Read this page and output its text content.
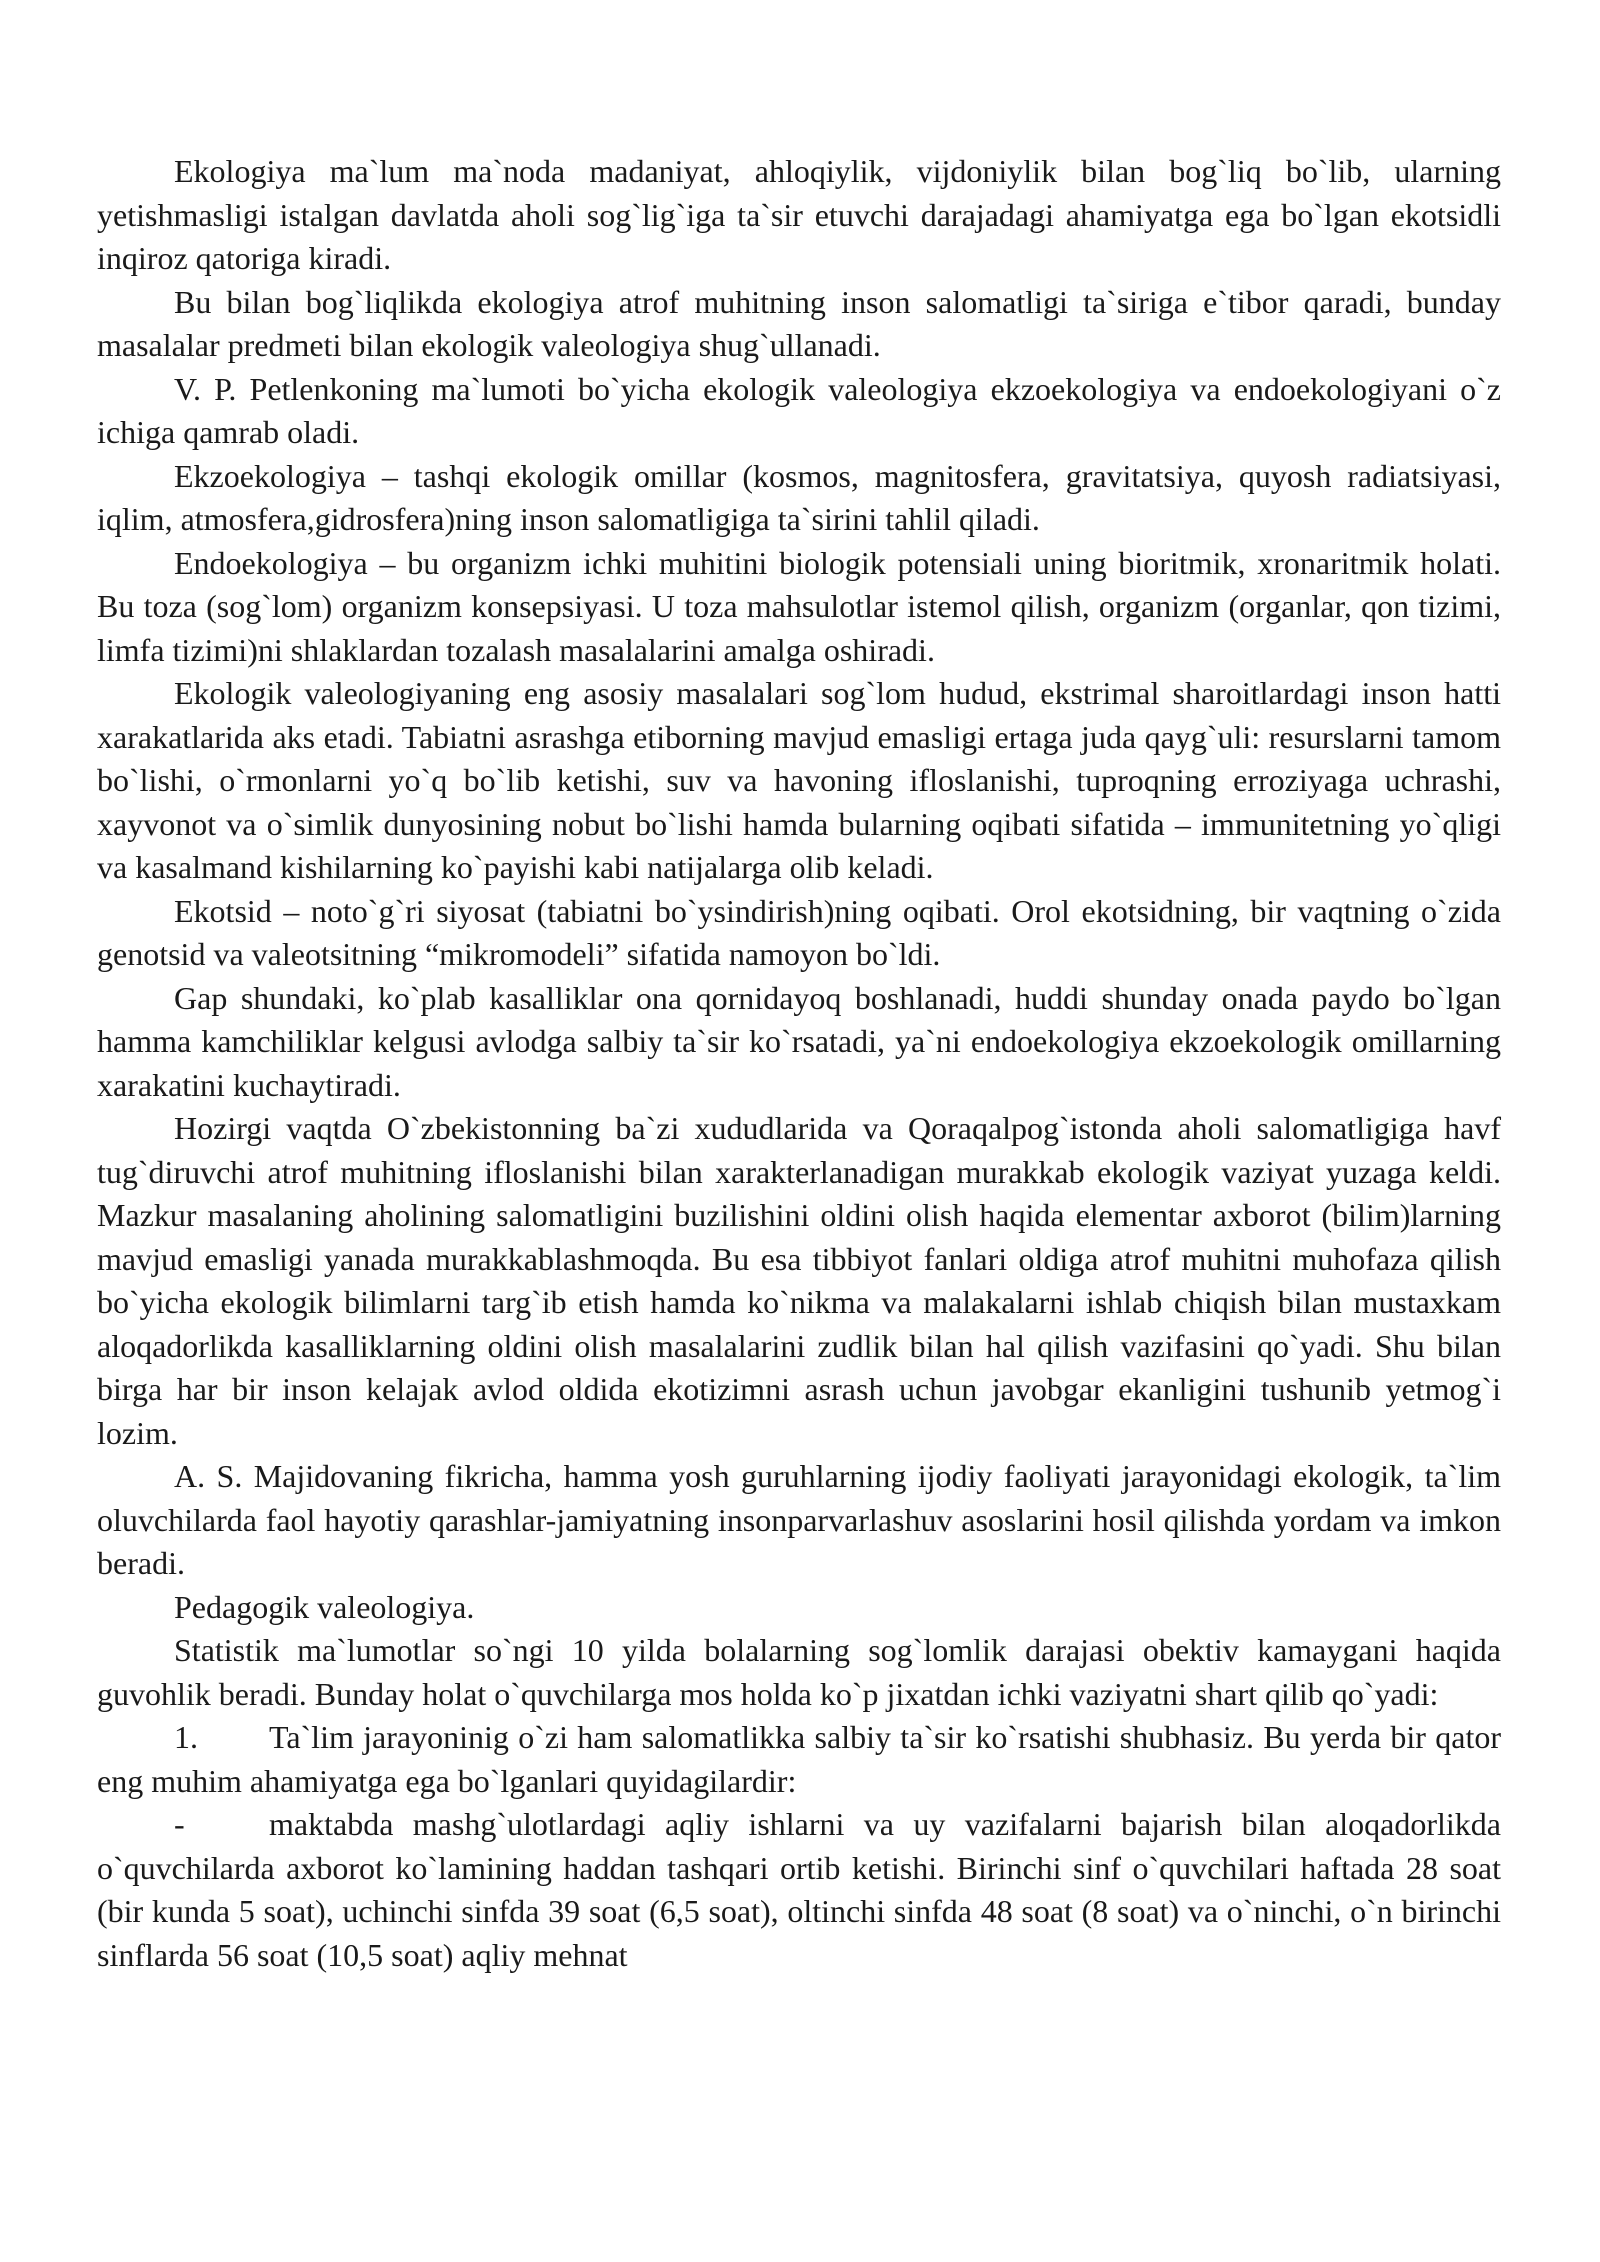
Ekologiya ma`lum ma`noda madaniyat, ahloqiylik, vijdoniylik bilan bog`liq bo`lib, ularning yetishmasligi istalgan davlatda aholi sog`lig`iga ta`sir etuvchi darajadagi ahamiyatga ega bo`lgan ekotsidli inqiroz qatoriga kiradi.

Bu bilan bog`liqlikda ekologiya atrof muhitning inson salomatligi ta`siriga e`tibor qaradi, bunday masalalar predmeti bilan ekologik valeologiya shug`ullanadi.

V. P. Petlenkoning ma`lumoti bo`yicha ekologik valeologiya ekzoekologiya va endoekologiyani o`z ichiga qamrab oladi.

Ekzoekologiya – tashqi ekologik omillar (kosmos, magnitosfera, gravitatsiya, quyosh radiatsiyasi, iqlim, atmosfera,gidrosfera)ning inson salomatligiga ta`sirini tahlil qiladi.

Endoekologiya – bu organizm ichki muhitini biologik potensiali uning bioritmik, xronaritmik holati. Bu toza (sog`lom) organizm konsepsiyasi. U toza mahsulotlar istemol qilish, organizm (organlar, qon tizimi, limfa tizimi)ni shlaklardan tozalash masalalarini amalga oshiradi.

Ekologik valeologiyaning eng asosiy masalalari sog`lom hudud, ekstrimal sharoitlardagi inson hatti xarakatlarida aks etadi. Tabiatni asrashga etiborning mavjud emasligi ertaga juda qayg`uli: resurslarni tamom bo`lishi, o`rmonlarni yo`q bo`lib ketishi, suv va havoning ifloslanishi, tuproqning erroziyaga uchrashi, xayvonot va o`simlik dunyosining nobut bo`lishi hamda bularning oqibati sifatida – immunitetning yo`qligi va kasalmand kishilarning ko`payishi kabi natijalarga olib keladi.

Ekotsid – noto`g`ri siyosat (tabiatni bo`ysindirish)ning oqibati. Orol ekotsidning, bir vaqtning o`zida genotsid va valeotsitning “mikromodeli” sifatida namoyon bo`ldi.

Gap shundaki, ko`plab kasalliklar ona qornidayoq boshlanadi, huddi shunday onada paydo bo`lgan hamma kamchiliklar kelgusi avlodga salbiy ta`sir ko`rsatadi, ya`ni endoekologiya ekzoekologik omillarning xarakatini kuchaytiradi.

Hozirgi vaqtda O`zbekistonning ba`zi xududlarida va Qoraqalpog`istonda aholi salomatligiga havf tug`diruvchi atrof muhitning ifloslanishi bilan xarakterlanadigan murakkab ekologik vaziyat yuzaga keldi. Mazkur masalaning aholining salomatligini buzilishini oldini olish haqida elementar axborot (bilim)larning mavjud emasligi yanada murakkablashmoqda. Bu esa tibbiyot fanlari oldiga atrof muhitni muhofaza qilish bo`yicha ekologik bilimlarni targ`ib etish hamda ko`nikma va malakalarni ishlab chiqish bilan mustaxkam aloqadorlikda kasalliklarning oldini olish masalalarini zudlik bilan hal qilish vazifasini qo`yadi. Shu bilan birga har bir inson kelajak avlod oldida ekotizimni asrash uchun javobgar ekanligini tushunib yetmog`i lozim.

A. S. Majidovaning fikricha, hamma yosh guruhlarning ijodiy faoliyati jarayonidagi ekologik, ta`lim oluvchilarda faol hayotiy qarashlar-jamiyatning insonparvarlashuv asoslarini hosil qilishda yordam va imkon beradi.

Pedagogik valeologiya.

Statistik ma`lumotlar so`ngi 10 yilda bolalarning sog`lomlik darajasi obektiv kamaygani haqida guvohlik beradi. Bunday holat o`quvchilarga mos holda ko`p jixatdan ichki vaziyatni shart qilib qo`yadi:

1. Ta`lim jarayoninig o`zi ham salomatlikka salbiy ta`sir ko`rsatishi shubhasiz. Bu yerda bir qator eng muhim ahamiyatga ega bo`lganlari quyidagilardir:

-	maktabda mashg`ulotlardagi aqliy ishlarni va uy vazifalarni bajarish bilan aloqadorlikda o`quvchilarda axborot ko`lamining haddan tashqari ortib ketishi. Birinchi sinf o`quvchilari haftada 28 soat (bir kunda 5 soat), uchinchi sinfda 39 soat (6,5 soat), oltinchi sinfda 48 soat (8 soat) va o`ninchi, o`n birinchi sinflarda 56 soat (10,5 soat) aqliy mehnat
